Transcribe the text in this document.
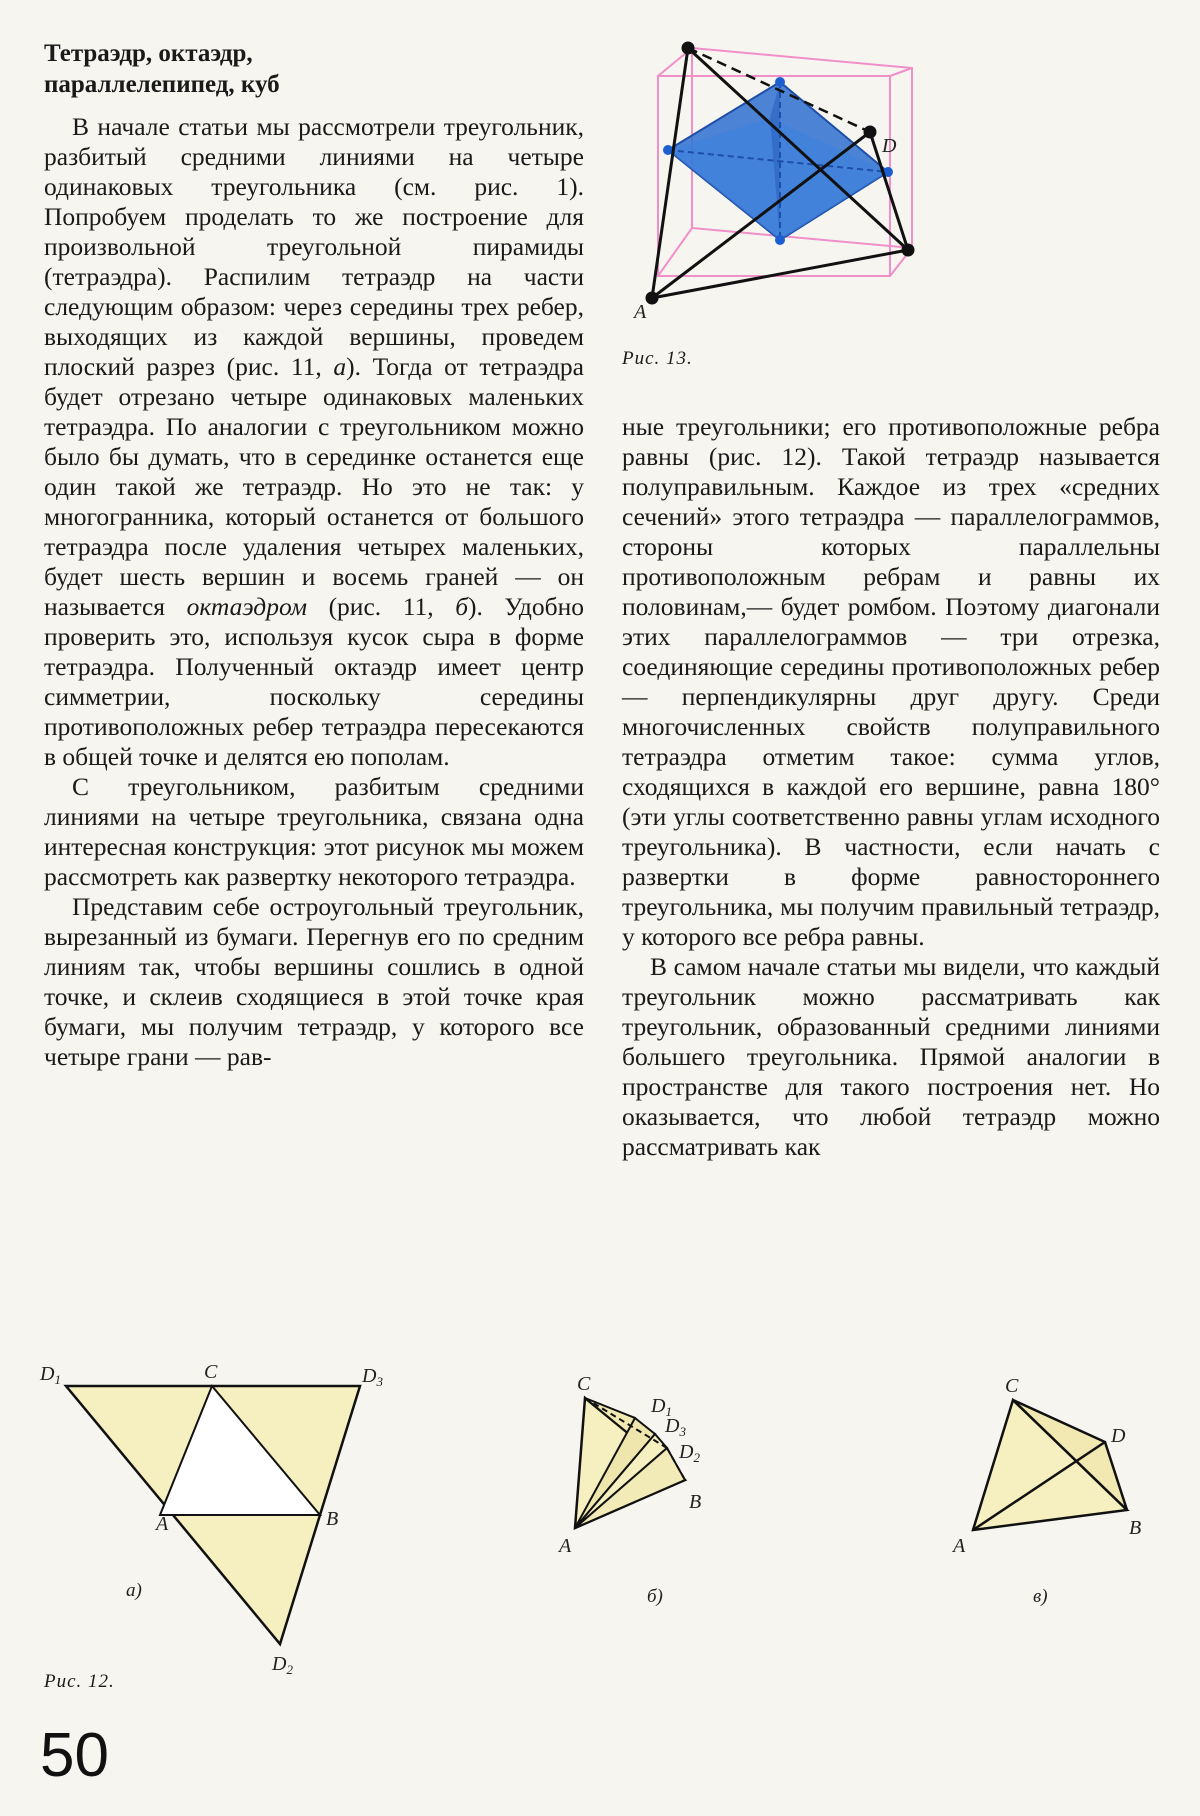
Тетраэдр, октаэдр,
параллелепипед, куб

В начале статьи мы рассмотрели треугольник, разбитый средними линиями на четыре одинаковых треугольника (см. рис. 1). Попробуем проделать то же построение для произвольной треугольной пирамиды (тетраэдра). Распилим тетраэдр на части следующим образом: через середины трех ребер, выходящих из каждой вершины, проведем плоский разрез (рис. 11, а). Тогда от тетраэдра будет отрезано четыре одинаковых маленьких тетраэдра. По аналогии с треугольником можно было бы думать, что в серединке останется еще один такой же тетраэдр. Но это не так: у многогранника, который останется от большого тетраэдра после удаления четырех маленьких, будет шесть вершин и восемь граней — он называется октаэдром (рис. 11, б). Удобно проверить это, используя кусок сыра в форме тетраэдра. Полученный октаэдр имеет центр симметрии, поскольку середины противоположных ребер тетраэдра пересекаются в общей точке и делятся ею пополам.

С треугольником, разбитым средними линиями на четыре треугольника, связана одна интересная конструкция: этот рисунок мы можем рассмотреть как развертку некоторого тетраэдра.

Представим себе остроугольный треугольник, вырезанный из бумаги. Перегнув его по средним линиям так, чтобы вершины сошлись в одной точке, и склеив сходящиеся в этой точке края бумаги, мы получим тетраэдр, у которого все четыре грани — рав-

A
D
Рис. 13.

ные треугольники; его противоположные ребра равны (рис. 12). Такой тетраэдр называется полуправильным. Каждое из трех «средних сечений» этого тетраэдра — параллелограммов, стороны которых параллельны противоположным ребрам и равны их половинам,— будет ромбом. Поэтому диагонали этих параллелограммов — три отрезка, соединяющие середины противоположных ребер — перпендикулярны друг другу. Среди многочисленных свойств полуправильного тетраэдра отметим такое: сумма углов, сходящихся в каждой его вершине, равна 180° (эти углы соответственно равны углам исходного треугольника). В частности, если начать с развертки в форме равностороннего треугольника, мы получим правильный тетраэдр, у которого все ребра равны.

В самом начале статьи мы видели, что каждый треугольник можно рассматривать как треугольник, образованный средними линиями большего треугольника. Прямой аналогии в пространстве для такого построения нет. Но оказывается, что любой тетраэдр можно рассматривать как

$D_1$	C	$D_3$
A	B
$D_2$
а)
C
$D_1$
$D_3$
$D_2$
A
B
б)
C
D
A
B
в)
Рис. 12.
50
